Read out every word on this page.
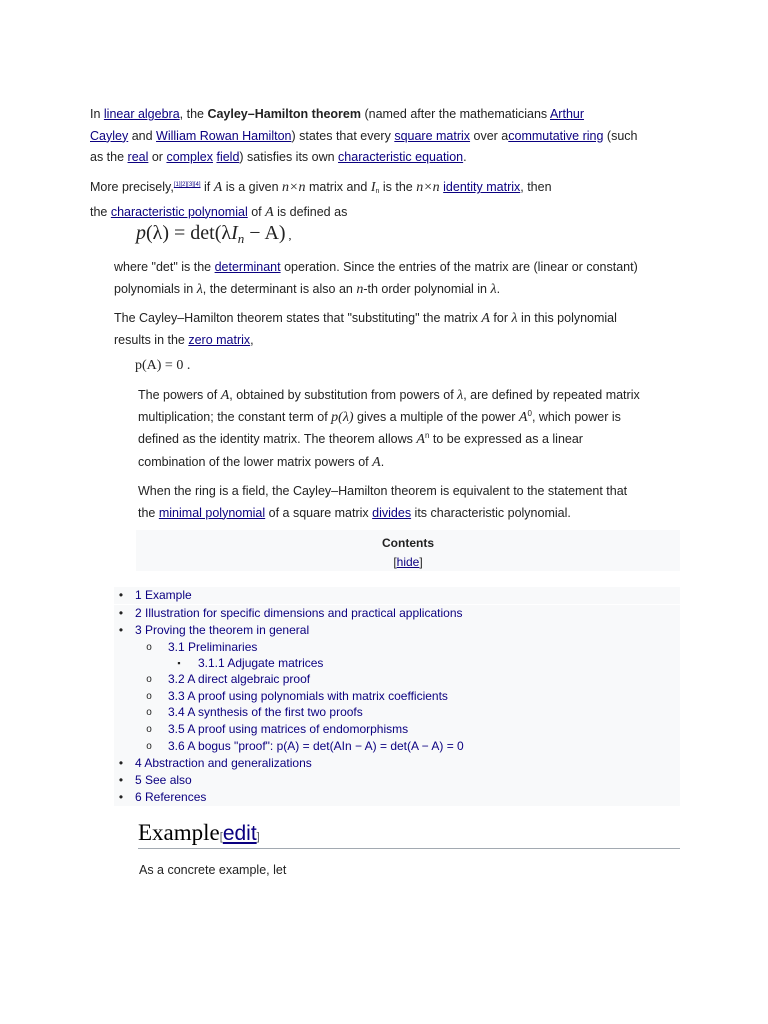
In linear algebra, the Cayley–Hamilton theorem (named after the mathematicians Arthur
Cayley and William Rowan Hamilton) states that every square matrix over acommutative ring (such
as the real or complex field) satisfies its own characteristic equation.
More precisely,[1][2][3][4] if A is a given n×n matrix and In is the n×n identity matrix, then
the characteristic polynomial of A is defined as
$p(\lambda) = \det(\lambda I_n - A)$ ,
where "det" is the determinant operation. Since the entries of the matrix are (linear or constant)
polynomials in λ, the determinant is also an n-th order polynomial in λ.
The Cayley–Hamilton theorem states that "substituting" the matrix A for λ in this polynomial
results in the zero matrix,
p(A) = 0 .
The powers of A, obtained by substitution from powers of λ, are defined by repeated matrix
multiplication; the constant term of p(λ) gives a multiple of the power $A^0$, which power is
defined as the identity matrix. The theorem allows $A^n$ to be expressed as a linear
combination of the lower matrix powers of A.
When the ring is a field, the Cayley–Hamilton theorem is equivalent to the statement that
the minimal polynomial of a square matrix divides its characteristic polynomial.
Contents
[hide]
• 1 Example
• 2 Illustration for specific dimensions and practical applications
• 3 Proving the theorem in general
o	3.1 Preliminaries
▪	3.1.1 Adjugate matrices
o	3.2 A direct algebraic proof
o	3.3 A proof using polynomials with matrix coefficients
o	3.4 A synthesis of the first two proofs
o	3.5 A proof using matrices of endomorphisms
o	3.6 A bogus "proof": p(A) = det(AIn − A) = det(A − A) = 0
• 4 Abstraction and generalizations
• 5 See also
• 6 References
Example[edit]
As a concrete example, let
